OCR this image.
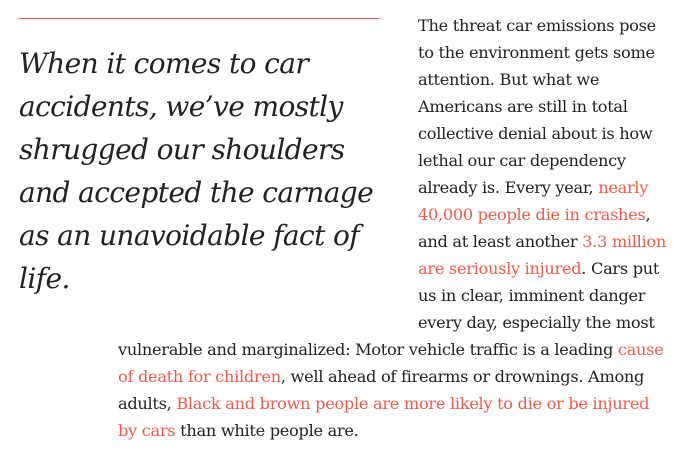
When it comes to car
accidents, we’ve mostly
shrugged our shoulders
and accepted the carnage
as an unavoidable fact of
life.
The threat car emissions pose
to the environment gets some
attention. But what we
Americans are still in total
collective denial about is how
lethal our car dependency
already is. Every year, nearly
40,000 people die in crashes,
and at least another 3.3 million
are seriously injured. Cars put
us in clear, imminent danger
every day, especially the most
vulnerable and marginalized: Motor vehicle traffic is a leading cause
of death for children, well ahead of firearms or drownings. Among
adults, Black and brown people are more likely to die or be injured
by cars than white people are.
